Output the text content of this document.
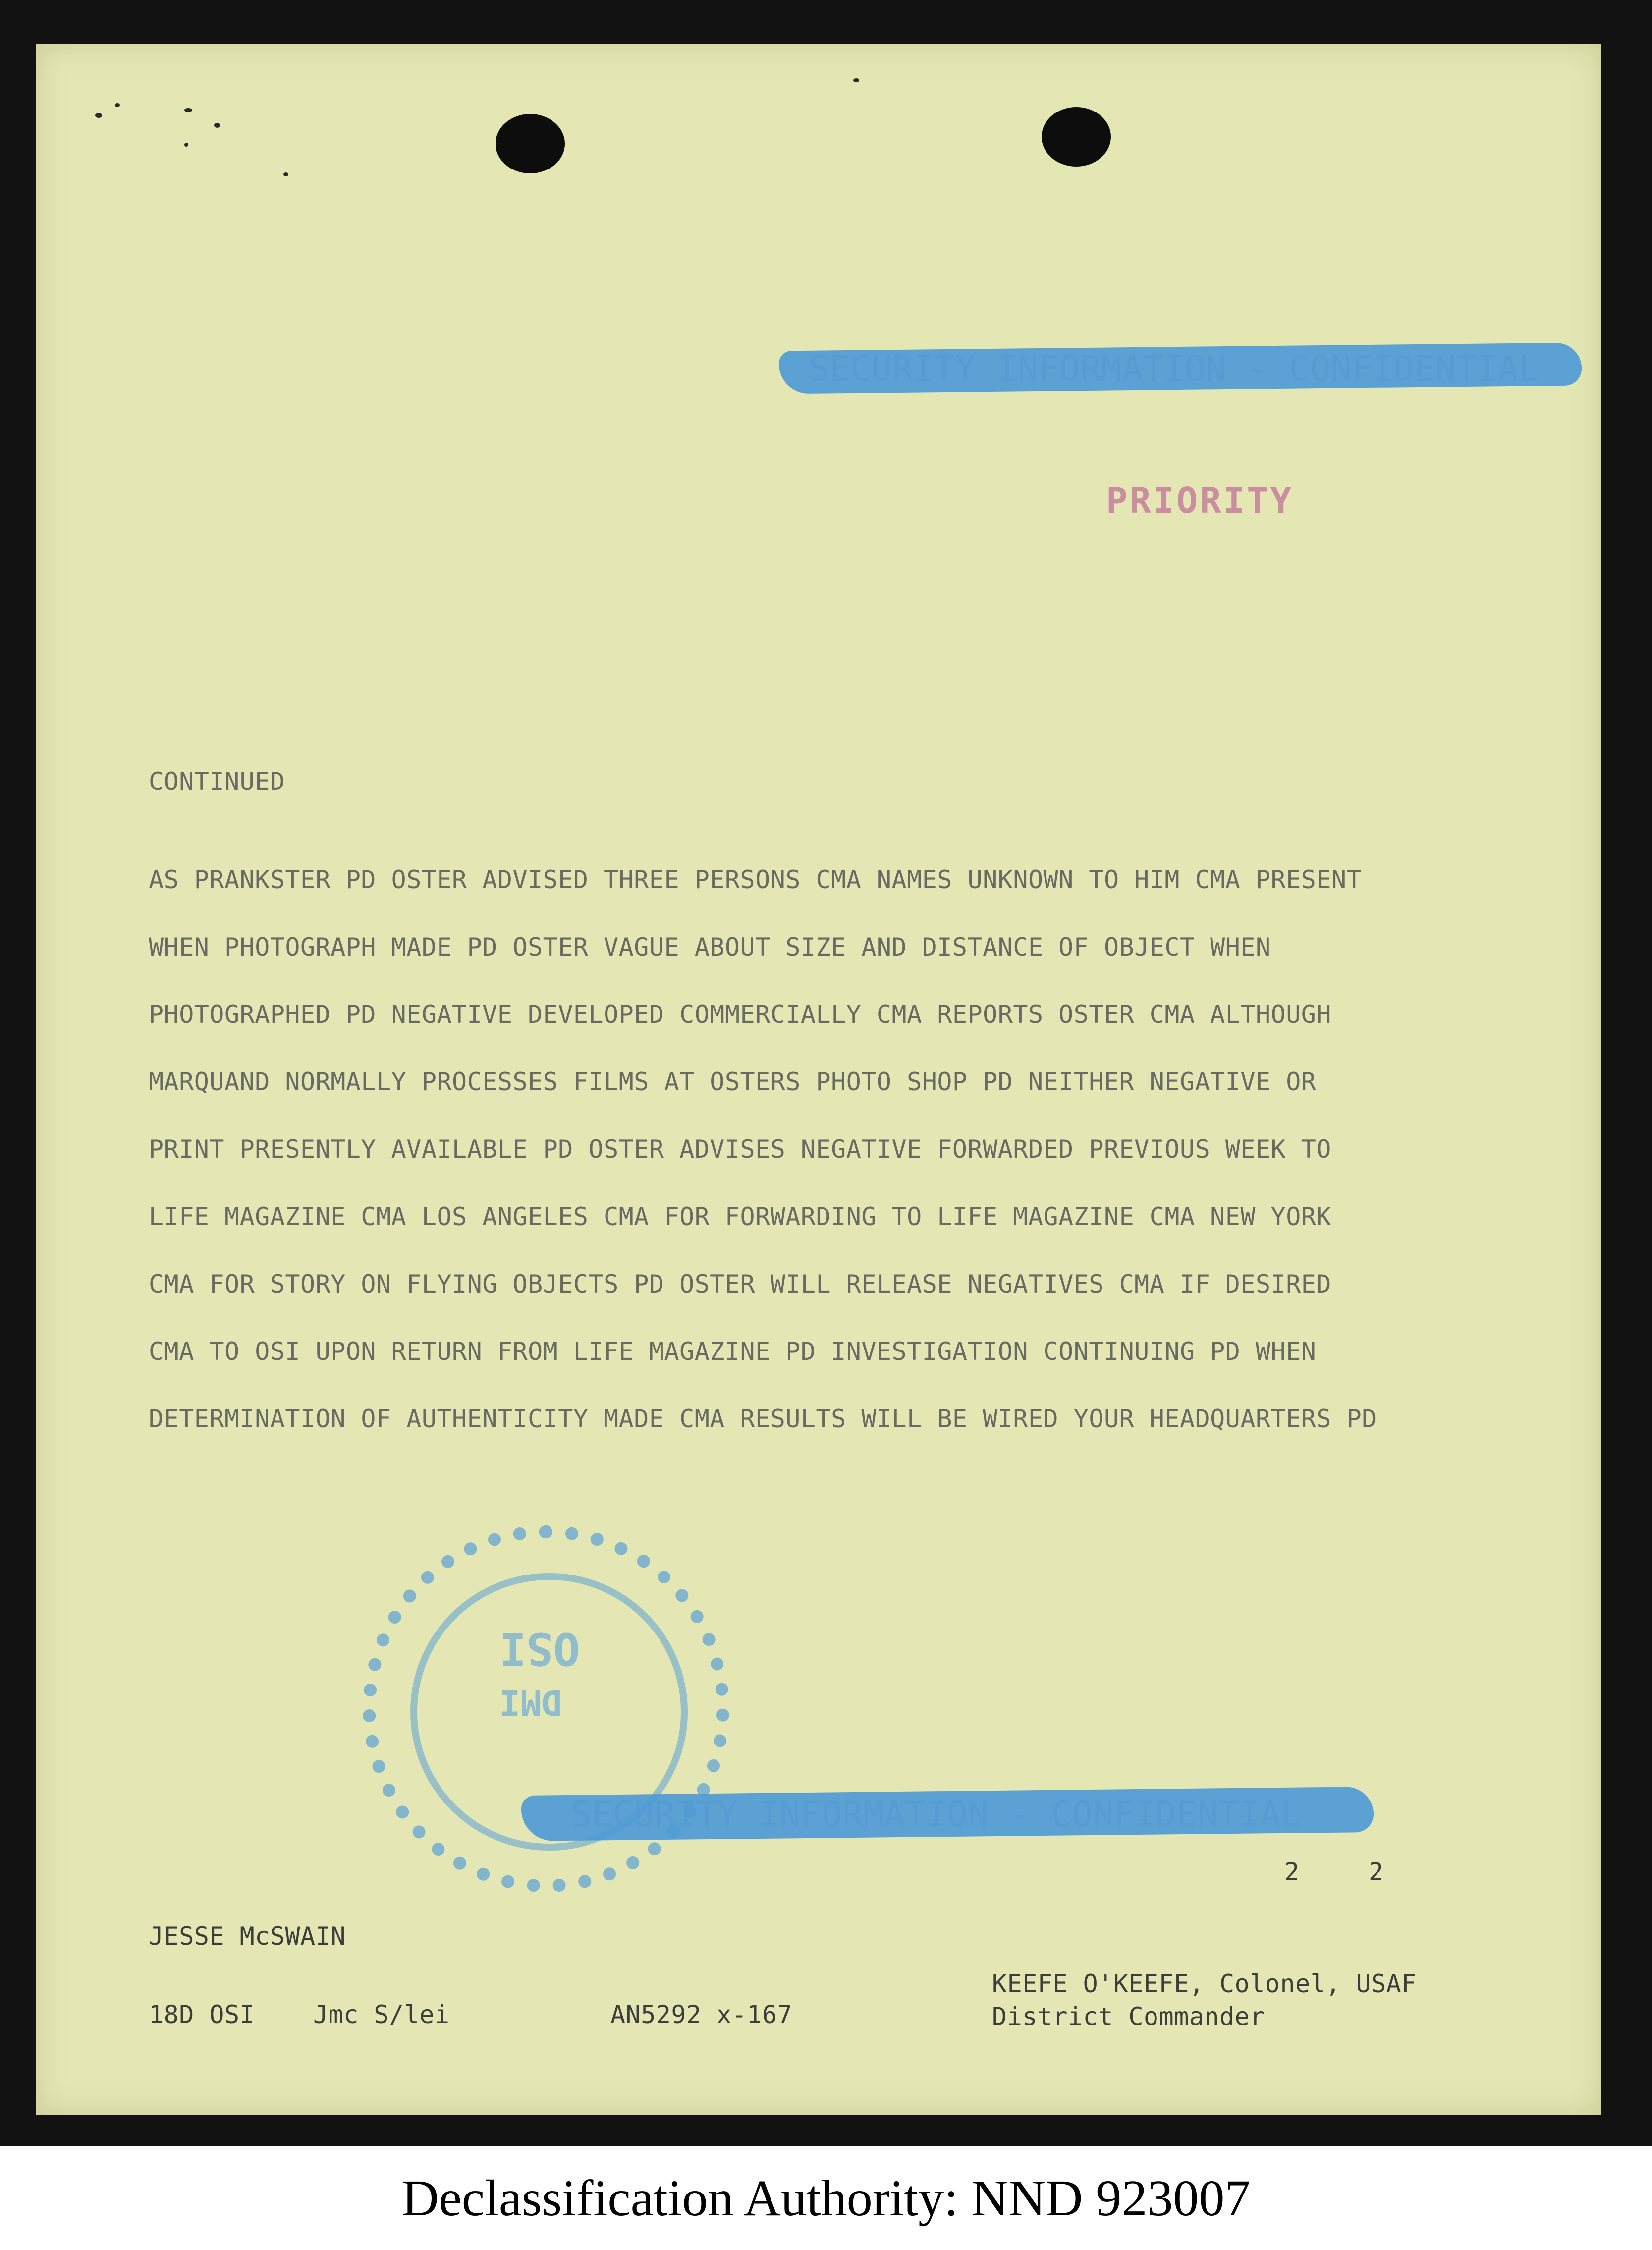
PRIORITY
CONTINUED
AS PRANKSTER PD OSTER ADVISED THREE PERSONS CMA NAMES UNKNOWN TO HIM CMA PRESENT
WHEN PHOTOGRAPH MADE PD OSTER VAGUE ABOUT SIZE AND DISTANCE OF OBJECT WHEN
PHOTOGRAPHED PD NEGATIVE DEVELOPED COMMERCIALLY CMA REPORTS OSTER CMA ALTHOUGH
MARQUAND NORMALLY PROCESSES FILMS AT OSTERS PHOTO SHOP PD NEITHER NEGATIVE OR
PRINT PRESENTLY AVAILABLE PD OSTER ADVISES NEGATIVE FORWARDED PREVIOUS WEEK TO
LIFE MAGAZINE CMA LOS ANGELES CMA FOR FORWARDING TO LIFE MAGAZINE CMA NEW YORK
CMA FOR STORY ON FLYING OBJECTS PD OSTER WILL RELEASE NEGATIVES CMA IF DESIRED
CMA TO OSI UPON RETURN FROM LIFE MAGAZINE PD INVESTIGATION CONTINUING PD WHEN
DETERMINATION OF AUTHENTICITY MADE CMA RESULTS WILL BE WIRED YOUR HEADQUARTERS PD
OSI
DMI
2	2
JESSE McSWAIN
18D OSI Jmc S/lei	AN5292 x-167
KEEFE O'KEEFE, Colonel, USAF
District Commander
Declassification Authority: NND 923007
